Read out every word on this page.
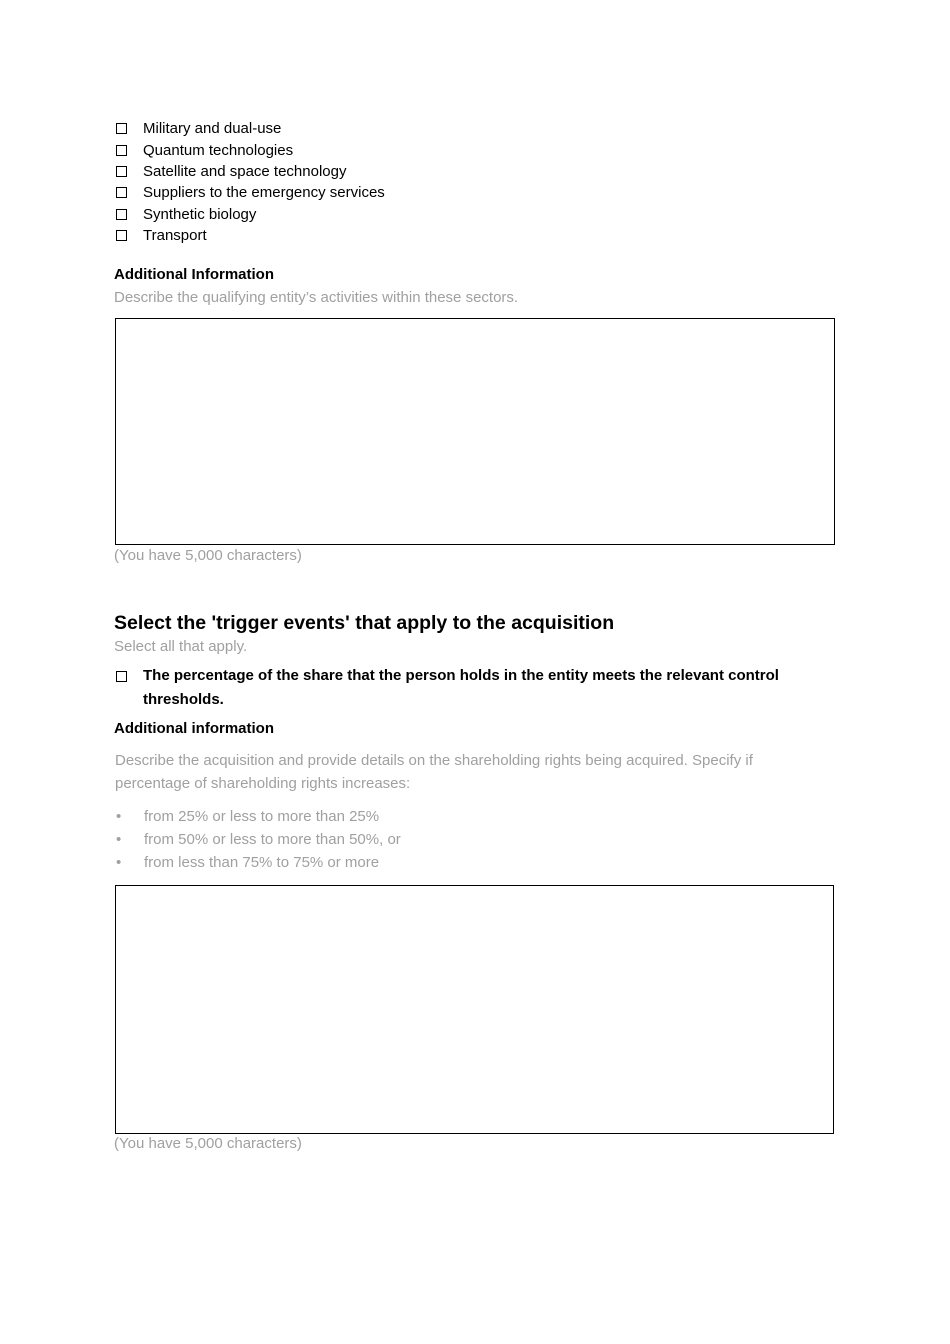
Military and dual-use
Quantum technologies
Satellite and space technology
Suppliers to the emergency services
Synthetic biology
Transport

Additional Information

Describe the qualifying entity’s activities within these sectors.

(You have 5,000 characters)

Select the 'trigger events' that apply to the acquisition

Select all that apply.

The percentage of the share that the person holds in the entity meets the relevant control thresholds.

Additional information

Describe the acquisition and provide details on the shareholding rights being acquired. Specify if percentage of shareholding rights increases:

•	from 25% or less to more than 25%
•	from 50% or less to more than 50%, or
•	from less than 75% to 75% or more

(You have 5,000 characters)
